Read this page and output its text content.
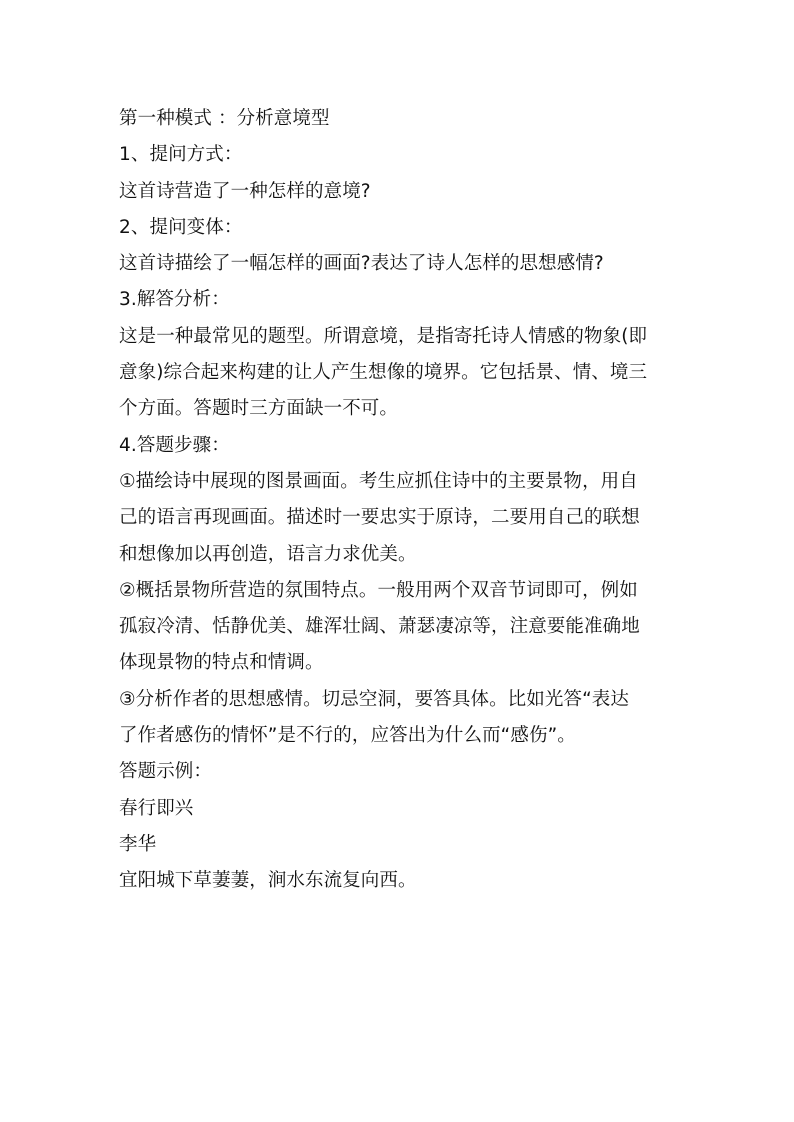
第一种模式 ：分析意境型
1、提问方式：
这首诗营造了一种怎样的意境?
2、提问变体：
这首诗描绘了一幅怎样的画面?表达了诗人怎样的思想感情?
3.解答分析：
这是一种最常见的题型。所谓意境，是指寄托诗人情感的物象(即
意象)综合起来构建的让人产生想像的境界。它包括景、情、境三
个方面。答题时三方面缺一不可。
4.答题步骤：
①描绘诗中展现的图景画面。考生应抓住诗中的主要景物，用自
己的语言再现画面。描述时一要忠实于原诗，二要用自己的联想
和想像加以再创造，语言力求优美。
②概括景物所营造的氛围特点。一般用两个双音节词即可，例如
孤寂冷清、恬静优美、雄浑壮阔、萧瑟凄凉等，注意要能准确地
体现景物的特点和情调。
③分析作者的思想感情。切忌空洞，要答具体。比如光答“表达
了作者感伤的情怀”是不行的，应答出为什么而“感伤”。
答题示例：
春行即兴
李华
宜阳城下草萋萋，涧水东流复向西。
